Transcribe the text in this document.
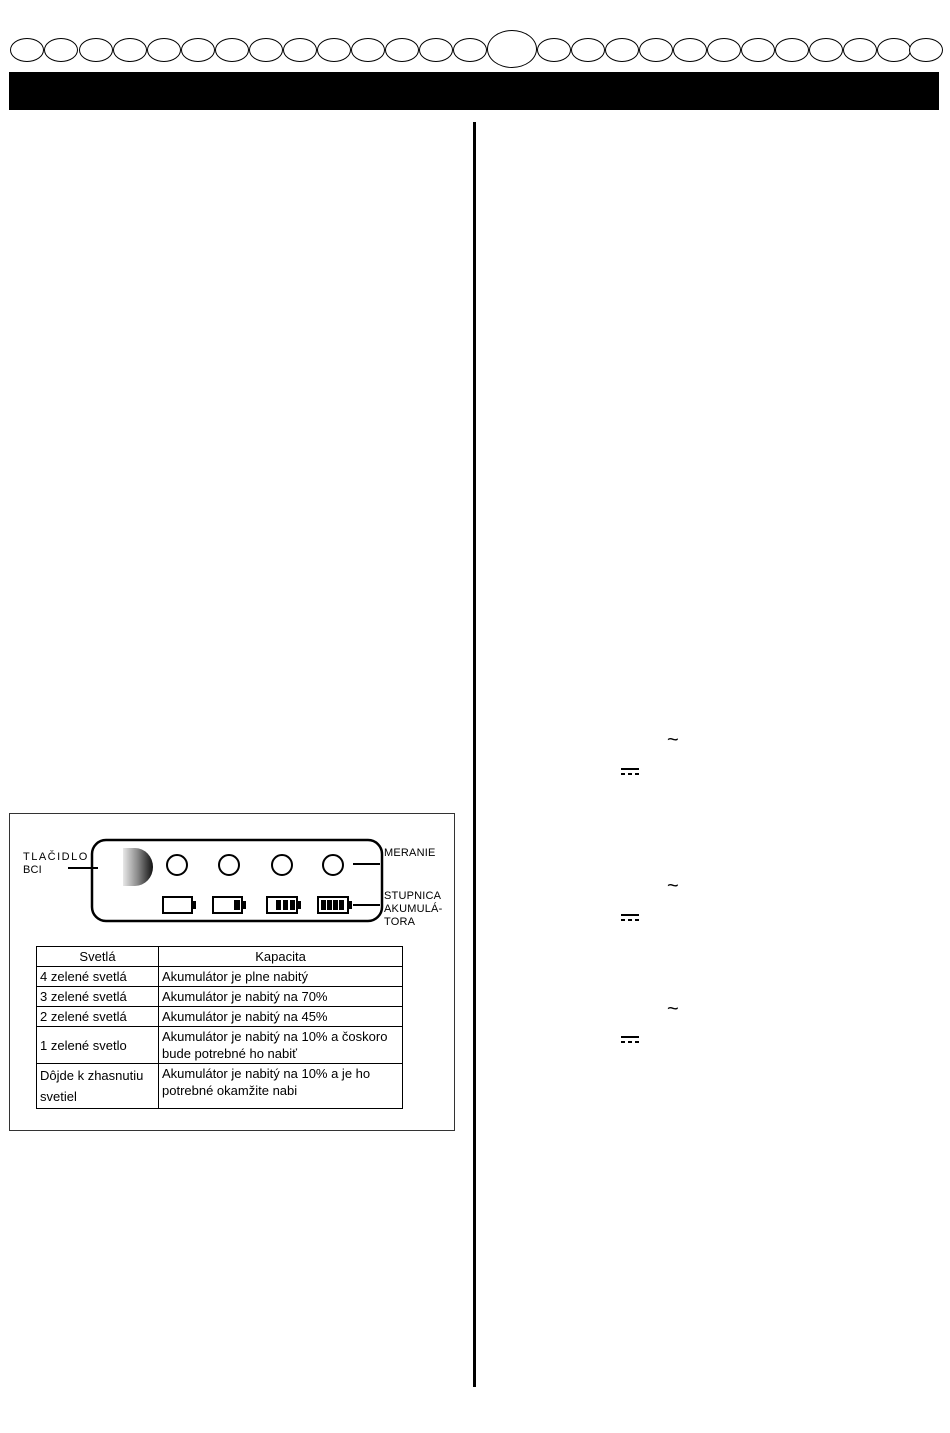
TLAČIDLO
BCI
MERANIE
STUPNICA
AKUMULÁ-
TORA
Svetlá	Kapacita
4 zelené svetlá	Akumulátor je plne nabitý
3 zelené svetlá	Akumulátor je nabitý na 70%
2 zelené svetlá	Akumulátor je nabitý na 45%
1 zelené svetlo	Akumulátor je nabitý na 10% a čoskoro bude potrebné ho nabiť
Dôjde k zhasnutiu svetiel	Akumulátor je nabitý na 10% a je ho potrebné okamžite nabi
~
~
~
